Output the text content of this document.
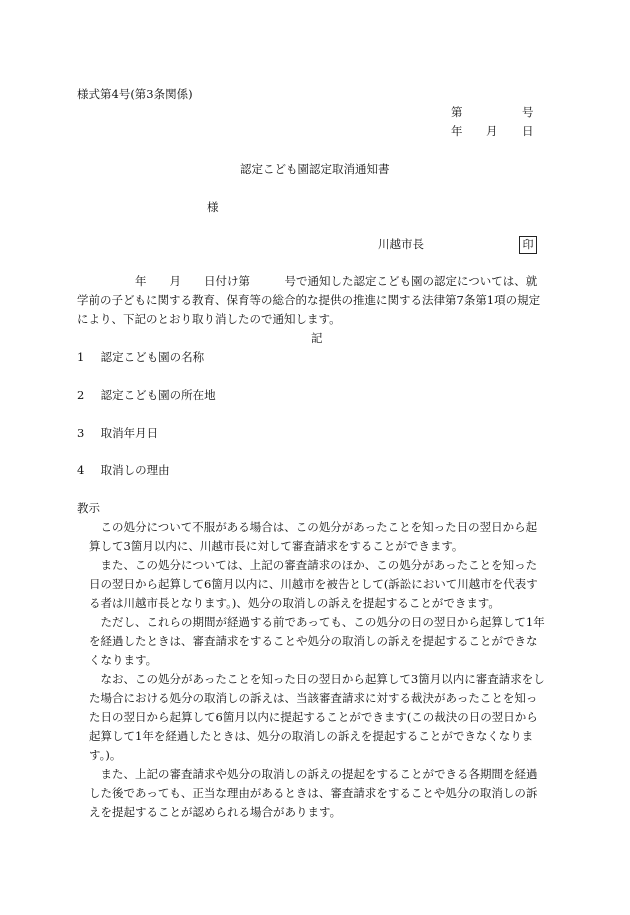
様式第4号(第3条関係)
第	号
年 月 日
認定こども園認定取消通知書
様
川越市長	印
年　　月　　日付け第　　　号で通知した認定こども園の認定については、就
学前の子どもに関する教育、保育等の総合的な提供の推進に関する法律第7条第1項の規定
により、下記のとおり取り消したので通知します。
記
1 認定こども園の名称
2 認定こども園の所在地
3 取消年月日
4 取消しの理由
教示
　この処分について不服がある場合は、この処分があったことを知った日の翌日から起
算して3箇月以内に、川越市長に対して審査請求をすることができます。
　また、この処分については、上記の審査請求のほか、この処分があったことを知った
日の翌日から起算して6箇月以内に、川越市を被告として(訴訟において川越市を代表す
る者は川越市長となります。)、処分の取消しの訴えを提起することができます。
　ただし、これらの期間が経過する前であっても、この処分の日の翌日から起算して1年
を経過したときは、審査請求をすることや処分の取消しの訴えを提起することができな
くなります。
　なお、この処分があったことを知った日の翌日から起算して3箇月以内に審査請求をし
た場合における処分の取消しの訴えは、当該審査請求に対する裁決があったことを知っ
た日の翌日から起算して6箇月以内に提起することができます(この裁決の日の翌日から
起算して1年を経過したときは、処分の取消しの訴えを提起することができなくなりま
す。)。
　また、上記の審査請求や処分の取消しの訴えの提起をすることができる各期間を経過
した後であっても、正当な理由があるときは、審査請求をすることや処分の取消しの訴
えを提起することが認められる場合があります。
